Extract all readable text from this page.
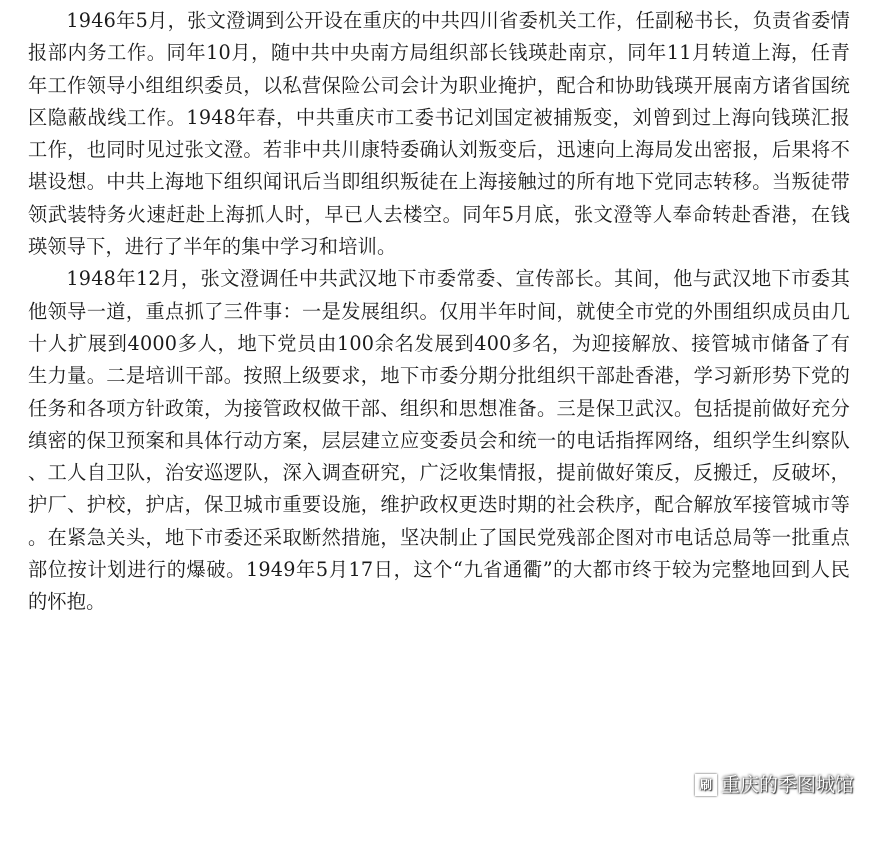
1946年5月，张文澄调到公开设在重庆的中共四川省委机关工作，任副秘书长，负责省委情报部内务工作。同年10月，随中共中央南方局组织部长钱瑛赴南京，同年11月转道上海，任青年工作领导小组组织委员，以私营保险公司会计为职业掩护，配合和协助钱瑛开展南方诸省国统区隐蔽战线工作。1948年春，中共重庆市工委书记刘国定被捕叛变，刘曾到过上海向钱瑛汇报工作，也同时见过张文澄。若非中共川康特委确认刘叛变后，迅速向上海局发出密报，后果将不堪设想。中共上海地下组织闻讯后当即组织叛徒在上海接触过的所有地下党同志转移。当叛徒带领武装特务火速赶赴上海抓人时，早已人去楼空。同年5月底，张文澄等人奉命转赴香港，在钱瑛领导下，进行了半年的集中学习和培训。

1948年12月，张文澄调任中共武汉地下市委常委、宣传部长。其间，他与武汉地下市委其他领导一道，重点抓了三件事：一是发展组织。仅用半年时间，就使全市党的外围组织成员由几十人扩展到4000多人，地下党员由100余名发展到400多名，为迎接解放、接管城市储备了有生力量。二是培训干部。按照上级要求，地下市委分期分批组织干部赴香港，学习新形势下党的任务和各项方针政策，为接管政权做干部、组织和思想准备。三是保卫武汉。包括提前做好充分缜密的保卫预案和具体行动方案，层层建立应变委员会和统一的电话指挥网络，组织学生纠察队、工人自卫队，治安巡逻队，深入调查研究，广泛收集情报，提前做好策反，反搬迁，反破坏，护厂、护校，护店，保卫城市重要设施，维护政权更迭时期的社会秩序，配合解放军接管城市等。在紧急关头，地下市委还采取断然措施，坚决制止了国民党残部企图对市电话总局等一批重点部位按计划进行的爆破。1949年5月17日，这个“九省通衢”的大都市终于较为完整地回到人民的怀抱。

刷 重庆的季图城馆
